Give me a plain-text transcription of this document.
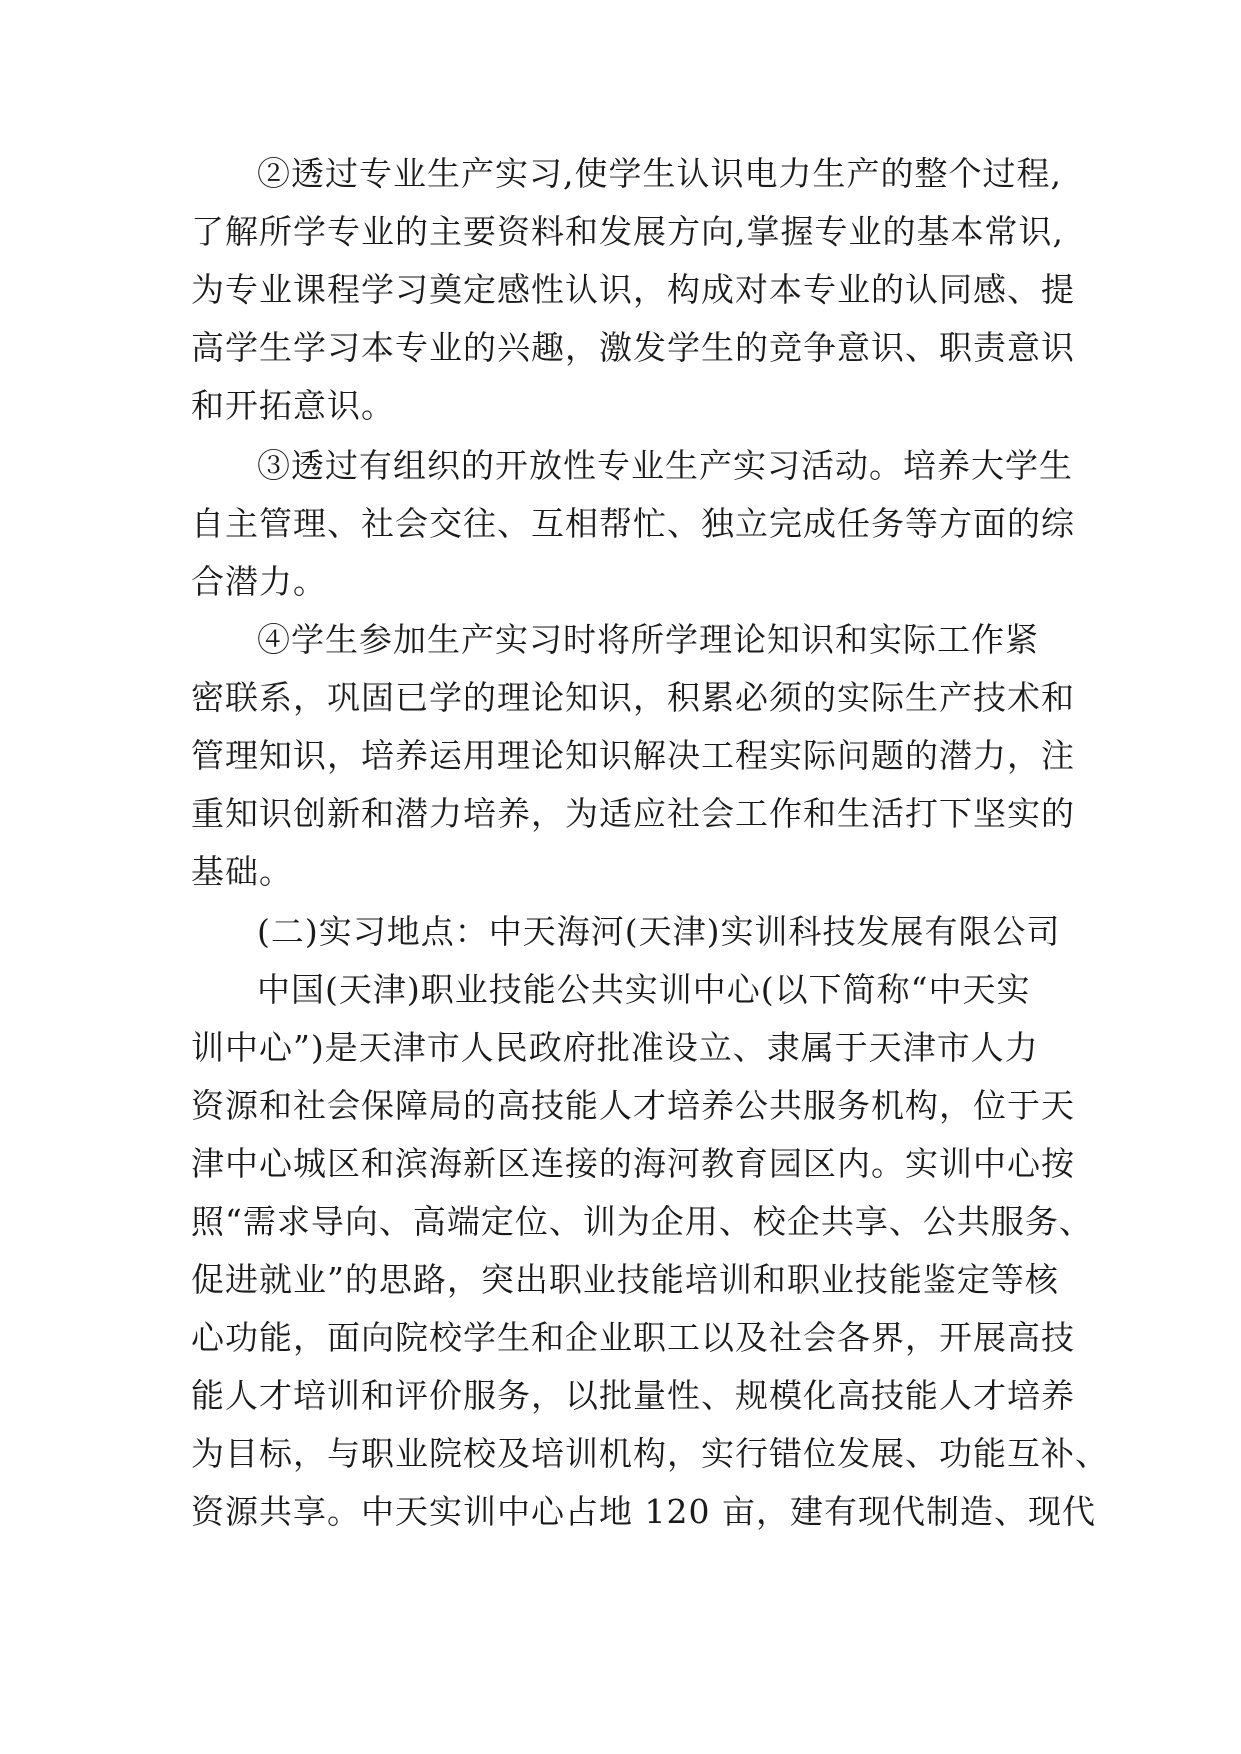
②透过专业生产实习,使学生认识电力生产的整个过程,
了解所学专业的主要资料和发展方向,掌握专业的基本常识,
为专业课程学习奠定感性认识，构成对本专业的认同感、提
高学生学习本专业的兴趣，激发学生的竞争意识、职责意识
和开拓意识。
③透过有组织的开放性专业生产实习活动。培养大学生
自主管理、社会交往、互相帮忙、独立完成任务等方面的综
合潜力。
④学生参加生产实习时将所学理论知识和实际工作紧
密联系，巩固已学的理论知识，积累必须的实际生产技术和
管理知识，培养运用理论知识解决工程实际问题的潜力，注
重知识创新和潜力培养，为适应社会工作和生活打下坚实的
基础。
(二)实习地点：中天海河(天津)实训科技发展有限公司
中国(天津)职业技能公共实训中心(以下简称“中天实
训中心”)是天津市人民政府批准设立、隶属于天津市人力
资源和社会保障局的高技能人才培养公共服务机构，位于天
津中心城区和滨海新区连接的海河教育园区内。实训中心按
照“需求导向、高端定位、训为企用、校企共享、公共服务、
促进就业”的思路，突出职业技能培训和职业技能鉴定等核
心功能，面向院校学生和企业职工以及社会各界，开展高技
能人才培训和评价服务，以批量性、规模化高技能人才培养
为目标，与职业院校及培训机构，实行错位发展、功能互补、
资源共享。中天实训中心占地 120 亩，建有现代制造、现代
